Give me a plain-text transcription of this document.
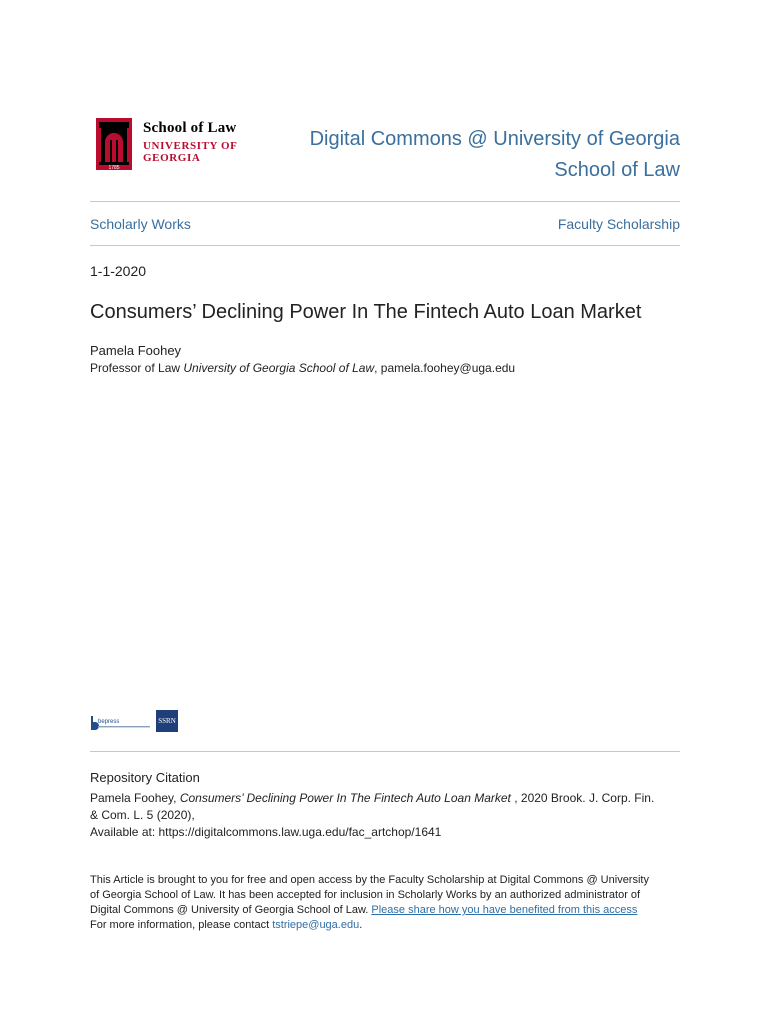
1785
School of Law
UNIVERSITY OF GEORGIA
Digital Commons @ University of Georgia
School of Law
Scholarly Works	Faculty Scholarship
1-1-2020
Consumers’ Declining Power In The Fintech Auto Loan Market
Pamela Foohey
Professor of Law University of Georgia School of Law, pamela.foohey@uga.edu
bepress	SSRN
Repository Citation
Pamela Foohey, Consumers’ Declining Power In The Fintech Auto Loan Market , 2020 Brook. J. Corp. Fin.
& Com. L. 5 (2020),
Available at: https://digitalcommons.law.uga.edu/fac_artchop/1641
This Article is brought to you for free and open access by the Faculty Scholarship at Digital Commons @ University
of Georgia School of Law. It has been accepted for inclusion in Scholarly Works by an authorized administrator of
Digital Commons @ University of Georgia School of Law. Please share how you have benefited from this access
For more information, please contact tstriepe@uga.edu.
